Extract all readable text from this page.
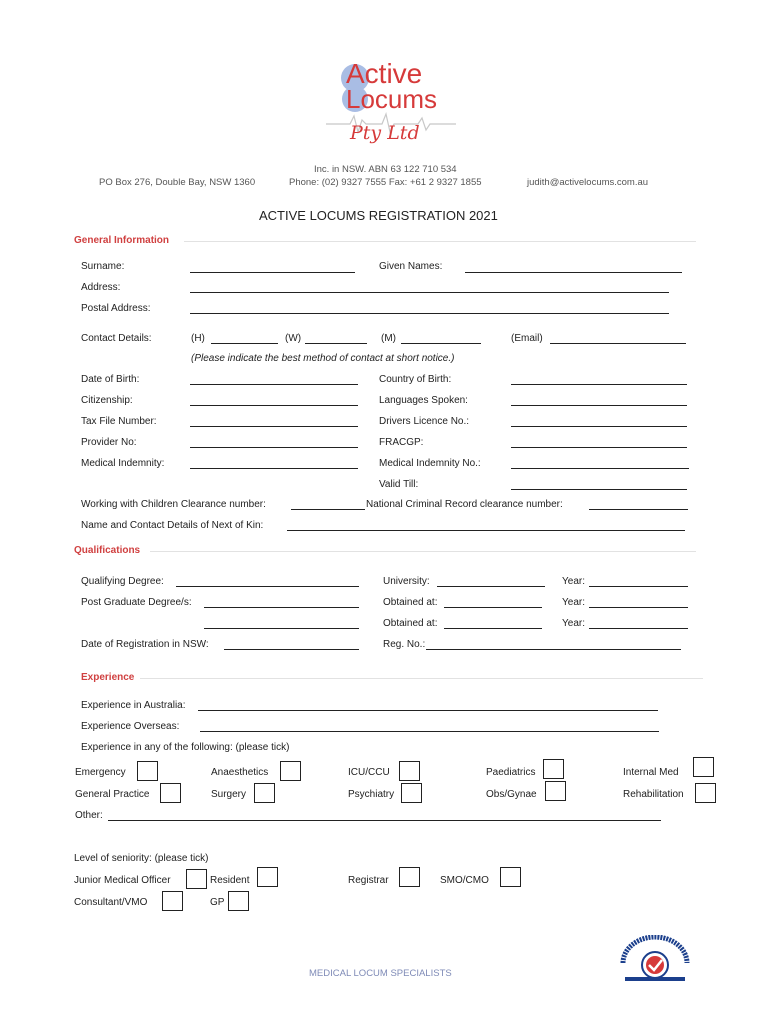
Active
Locums
Pty Ltd
Inc. in NSW. ABN 63 122 710 534
PO Box 276, Double Bay, NSW 1360	Phone: (02) 9327 7555 Fax: +61 2 9327 1855	judith@activelocums.com.au
ACTIVE LOCUMS REGISTRATION 2021
General Information
Surname:	Given Names:
Address:
Postal Address:
Contact Details:	(H)	(W)	(M)	(Email)
(Please indicate the best method of contact at short notice.)
Date of Birth:	Country of Birth:
Citizenship:	Languages Spoken:
Tax File Number:	Drivers Licence No.:
Provider No:	FRACGP:
Medical Indemnity:	Medical Indemnity No.:
Valid Till:
Working with Children Clearance number:	National Criminal Record clearance number:
Name and Contact Details of Next of Kin:
Qualifications
Qualifying Degree:	University:	Year:
Post Graduate Degree/s:	Obtained at:	Year:
Obtained at:	Year:
Date of Registration in NSW:	Reg. No.:
Experience
Experience in Australia:
Experience Overseas:
Experience in any of the following: (please tick)
Emergency	Anaesthetics	ICU/CCU	Paediatrics	Internal Med
General Practice	Surgery	Psychiatry	Obs/Gynae	Rehabilitation
Other:
Level of seniority: (please tick)
Junior Medical Officer	Resident	Registrar	SMO/CMO
Consultant/VMO	GP
MEDICAL LOCUM SPECIALISTS
